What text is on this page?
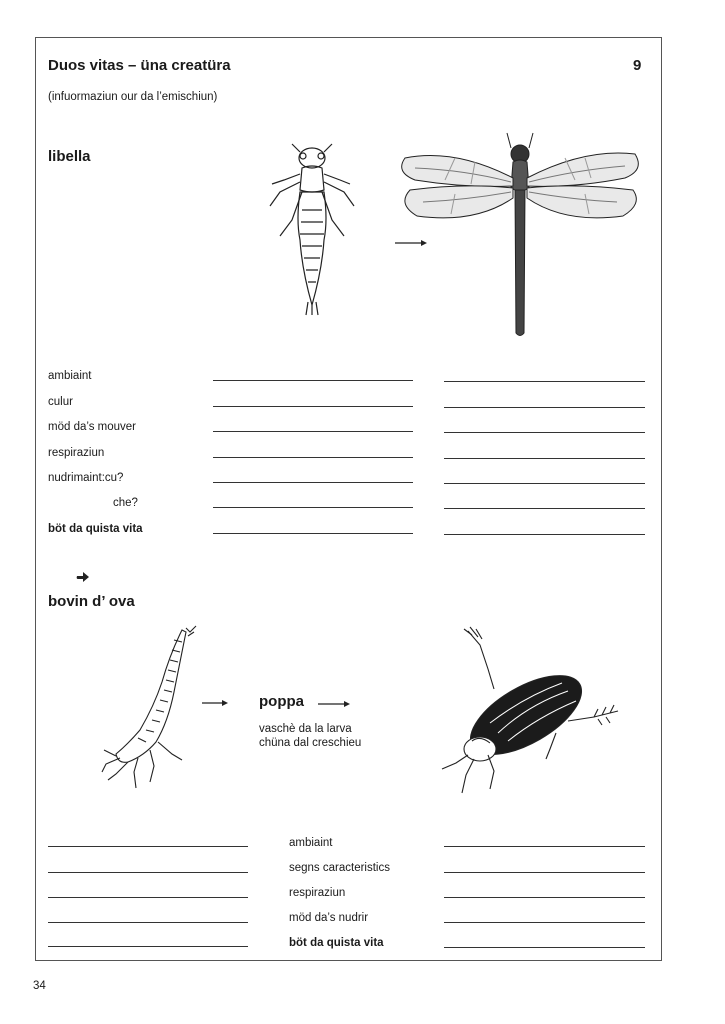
Duos vitas – üna creatüra	9
(infuormaziun our da l’emischiun)
libella
ambiaint
culur
möd da’s mouver
respiraziun
nudrimaint:cu?
che?
böt da quista vita
bovin d’ ova
poppa
vaschè da la larva
chüna dal creschieu
ambiaint
segns caracteristics
respiraziun
möd da’s nudrir
böt da quista vita
34
